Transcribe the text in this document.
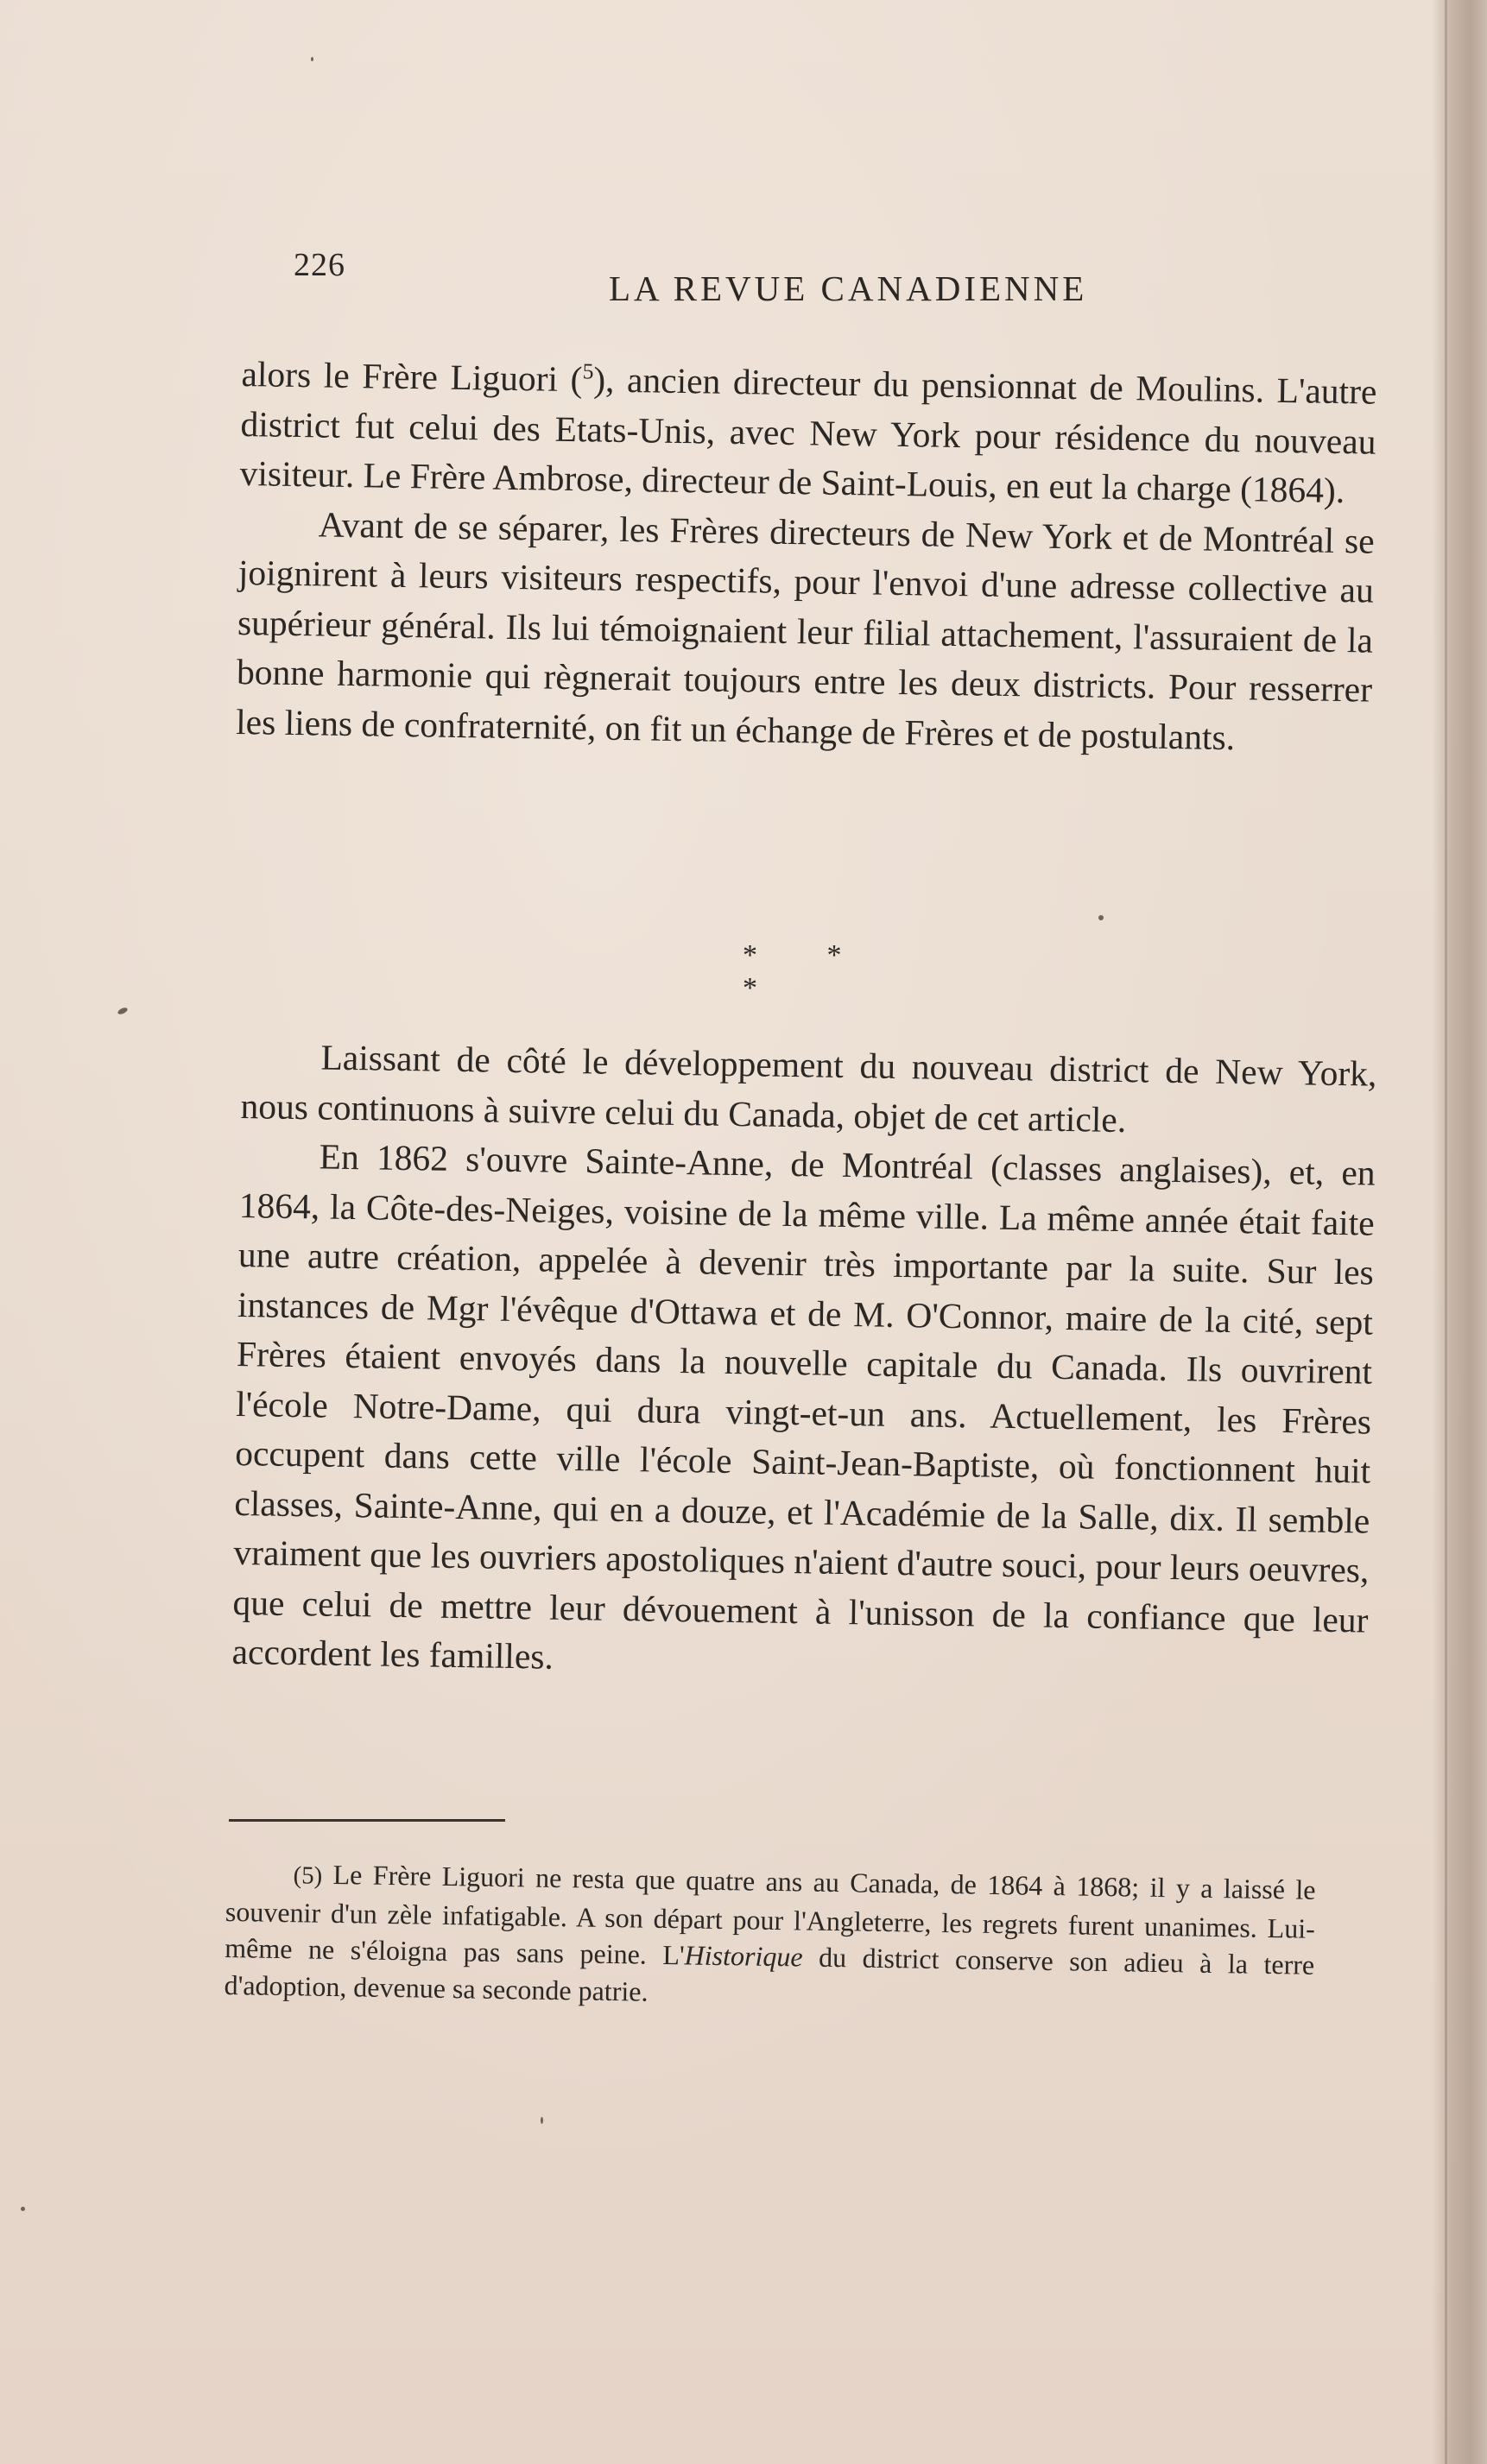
226
LA REVUE CANADIENNE

alors le Frère Liguori ($^5$), ancien directeur du pensionnat de Moulins. L'autre district fut celui des Etats-Unis, avec New York pour résidence du nouveau visiteur. Le Frère Ambrose, directeur de Saint-Louis, en eut la charge (1864).

Avant de se séparer, les Frères directeurs de New York et de Montréal se joignirent à leurs visiteurs respectifs, pour l'envoi d'une adresse collective au supérieur général. Ils lui témoignaient leur filial attachement, l'assuraient de la bonne harmonie qui règnerait toujours entre les deux districts. Pour resserrer les liens de confraternité, on fit un échange de Frères et de postulants.

* * *

Laissant de côté le développement du nouveau district de New York, nous continuons à suivre celui du Canada, objet de cet article.

En 1862 s'ouvre Sainte-Anne, de Montréal (classes anglaises), et, en 1864, la Côte-des-Neiges, voisine de la même ville. La même année était faite une autre création, appelée à devenir très importante par la suite. Sur les instances de Mgr l'évêque d'Ottawa et de M. O'Connor, maire de la cité, sept Frères étaient envoyés dans la nouvelle capitale du Canada. Ils ouvrirent l'école Notre-Dame, qui dura vingt-et-un ans. Actuellement, les Frères occupent dans cette ville l'école Saint-Jean-Baptiste, où fonctionnent huit classes, Sainte-Anne, qui en a douze, et l'Académie de la Salle, dix. Il semble vraiment que les ouvriers apostoliques n'aient d'autre souci, pour leurs oeuvres, que celui de mettre leur dévouement à l'unisson de la confiance que leur accordent les familles.

(5) Le Frère Liguori ne resta que quatre ans au Canada, de 1864 à 1868; il y a laissé le souvenir d'un zèle infatigable. A son départ pour l'Angleterre, les regrets furent unanimes. Lui-même ne s'éloigna pas sans peine. L'Historique du district conserve son adieu à la terre d'adoption, devenue sa seconde patrie.
